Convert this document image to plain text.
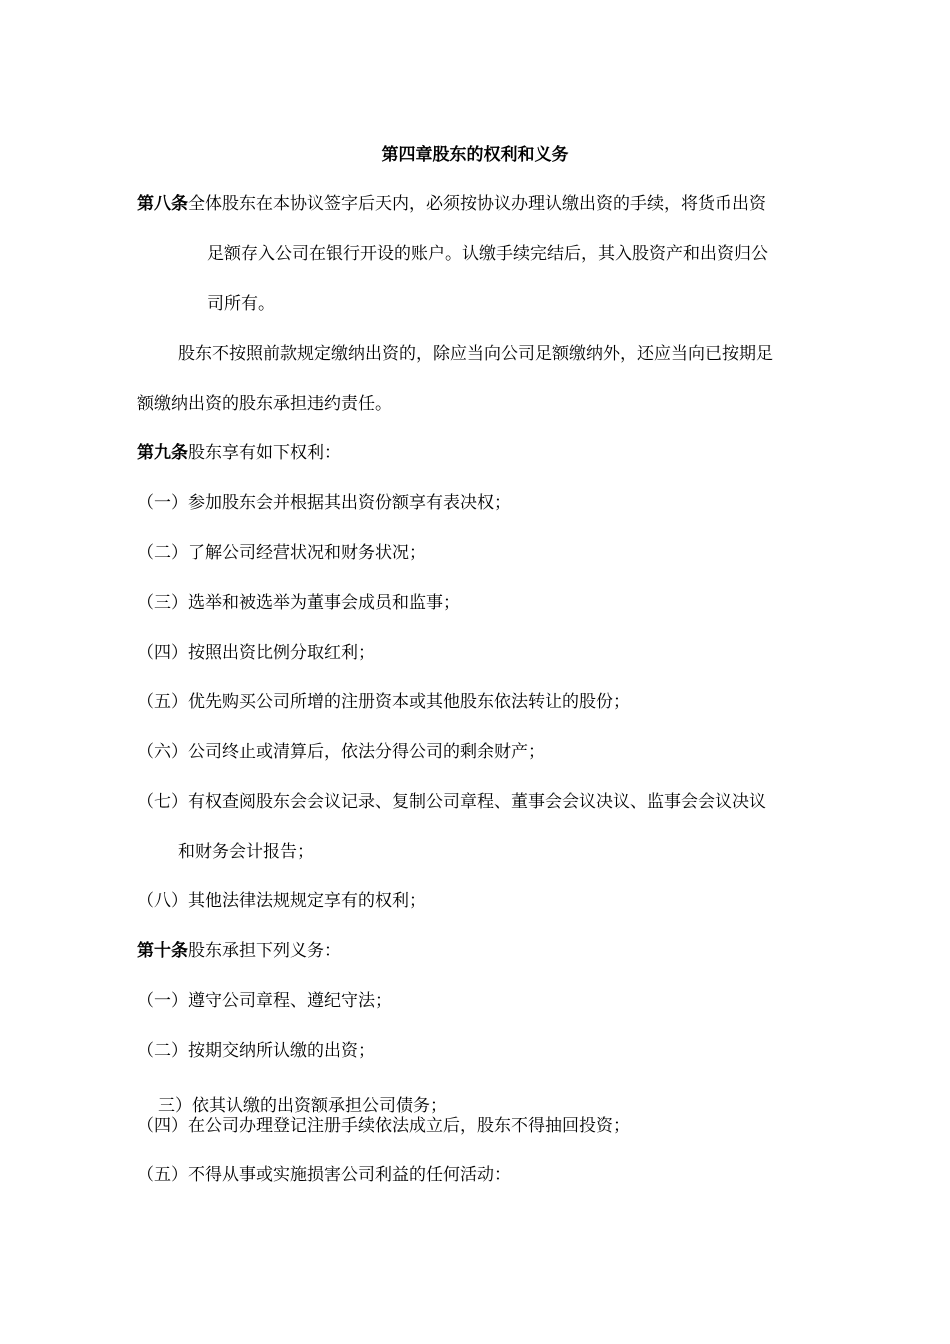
第四章股东的权利和义务
第八条全体股东在本协议签字后天内，必须按协议办理认缴出资的手续，将货币出资
足额存入公司在银行开设的账户。认缴手续完结后，其入股资产和出资归公
司所有。
股东不按照前款规定缴纳出资的，除应当向公司足额缴纳外，还应当向已按期足
额缴纳出资的股东承担违约责任。
第九条股东享有如下权利：
（一）参加股东会并根据其出资份额享有表决权；
（二）了解公司经营状况和财务状况；
（三）选举和被选举为董事会成员和监事；
（四）按照出资比例分取红利；
（五）优先购买公司所增的注册资本或其他股东依法转让的股份；
（六）公司终止或清算后，依法分得公司的剩余财产；
（七）有权查阅股东会会议记录、复制公司章程、董事会会议决议、监事会会议决议
和财务会计报告；
（八）其他法律法规规定享有的权利；
第十条股东承担下列义务：
（一）遵守公司章程、遵纪守法；
（二）按期交纳所认缴的出资；
三）依其认缴的出资额承担公司债务；
（四）在公司办理登记注册手续依法成立后，股东不得抽回投资；
（五）不得从事或实施损害公司利益的任何活动：
